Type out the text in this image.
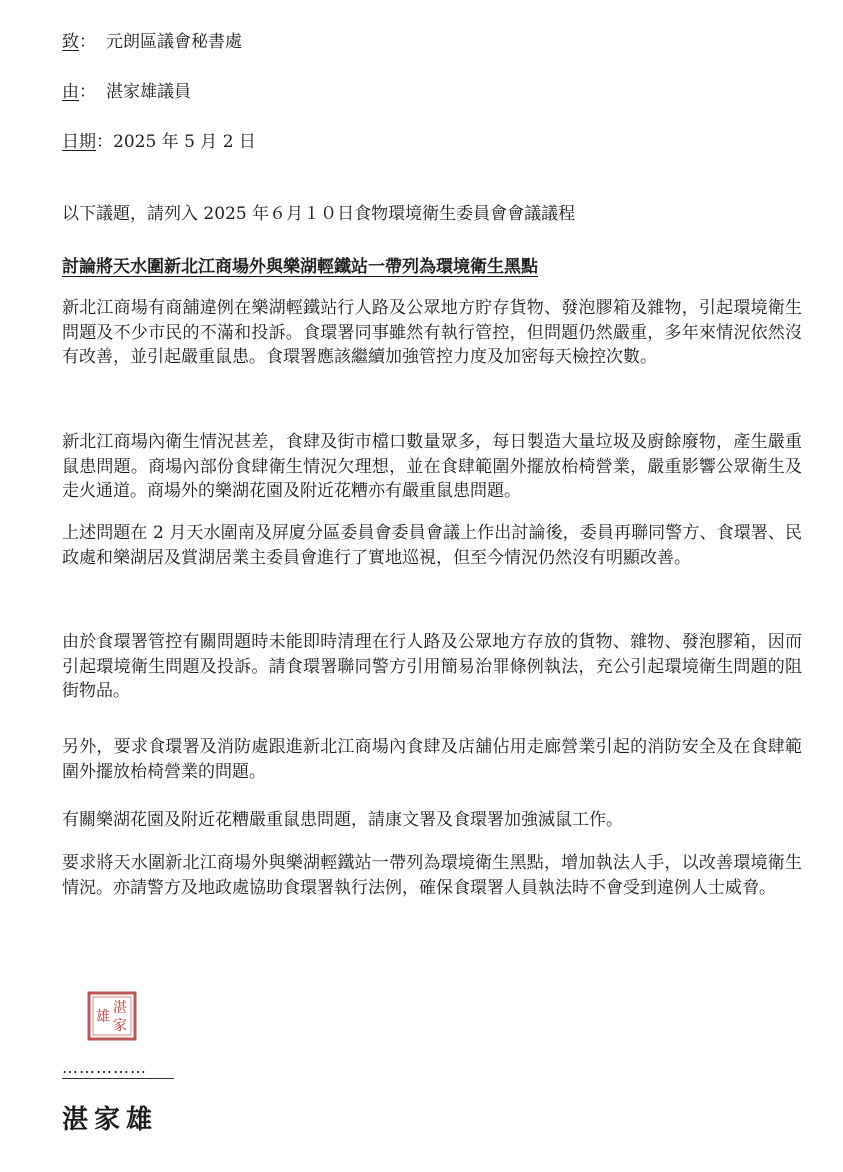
致： 元朗區議會秘書處
由： 湛家雄議員
日期：2025 年 5 月 2 日
以下議題，請列入 2025 年６月１０日食物環境衛生委員會會議議程
討論將天水圍新北江商場外與樂湖輕鐵站一帶列為環境衛生黑點

新北江商場有商舖違例在樂湖輕鐵站行人路及公眾地方貯存貨物、發泡膠箱及雜物，引起環境衛生問題及不少市民的不滿和投訴。食環署同事雖然有執行管控，但問題仍然嚴重，多年來情況依然沒有改善，並引起嚴重鼠患。食環署應該繼續加強管控力度及加密每天檢控次數。

新北江商場內衛生情況甚差，食肆及街市檔口數量眾多，每日製造大量垃圾及廚餘廢物，產生嚴重鼠患問題。商場內部份食肆衛生情況欠理想，並在食肆範圍外擺放枱椅營業，嚴重影響公眾衛生及走火通道。商場外的樂湖花園及附近花糟亦有嚴重鼠患問題。

上述問題在 2 月天水圍南及屏廈分區委員會委員會議上作出討論後，委員再聯同警方、食環署、民政處和樂湖居及賞湖居業主委員會進行了實地巡視，但至今情況仍然沒有明顯改善。

由於食環署管控有關問題時未能即時清理在行人路及公眾地方存放的貨物、雜物、發泡膠箱，因而引起環境衛生問題及投訴。請食環署聯同警方引用簡易治罪條例執法，充公引起環境衛生問題的阻街物品。

另外，要求食環署及消防處跟進新北江商場內食肆及店舖佔用走廊營業引起的消防安全及在食肆範圍外擺放枱椅營業的問題。

有關樂湖花園及附近花糟嚴重鼠患問題，請康文署及食環署加強滅鼠工作。

要求將天水圍新北江商場外與樂湖輕鐵站一帶列為環境衛生黑點，增加執法人手，以改善環境衛生情況。亦請警方及地政處協助食環署執行法例，確保食環署人員執法時不會受到違例人士威脅。

湛
家
雄
……………
湛家雄
